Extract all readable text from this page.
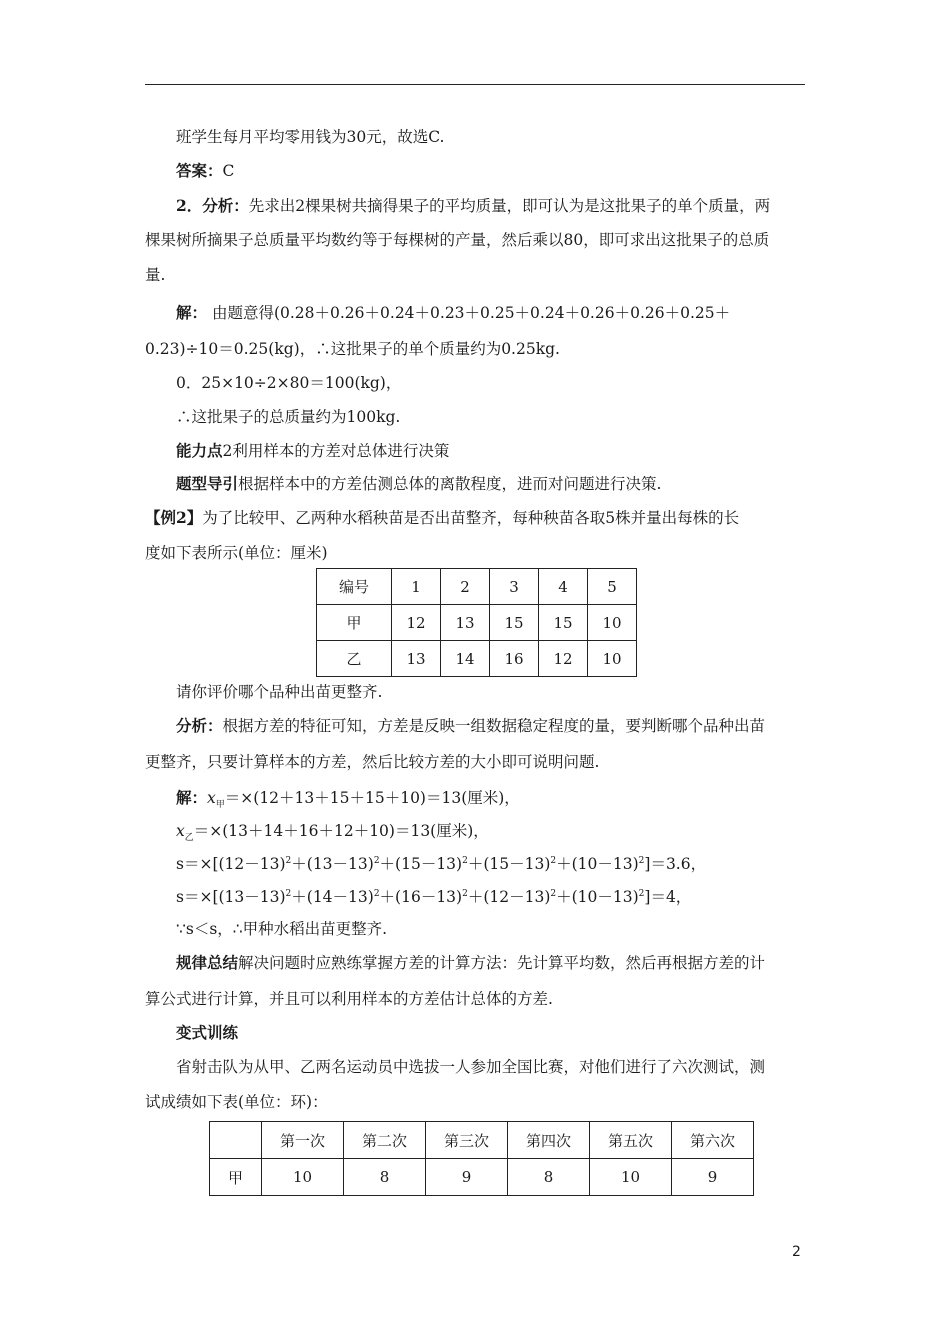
班学生每月平均零用钱为30元，故选C.
答案：C
2．分析：先求出2棵果树共摘得果子的平均质量，即可认为是这批果子的单个质量，两
棵果树所摘果子总质量平均数约等于每棵树的产量，然后乘以80，即可求出这批果子的总质
量.
解： 由题意得(0.28＋0.26＋0.24＋0.23＋0.25＋0.24＋0.26＋0.26＋0.25＋
0.23)÷10＝0.25(kg)，∴这批果子的单个质量约为0.25kg.
0．25×10÷2×80＝100(kg)，
∴这批果子的总质量约为100kg.
能力点2利用样本的方差对总体进行决策
题型导引根据样本中的方差估测总体的离散程度，进而对问题进行决策.
【例2】为了比较甲、乙两种水稻秧苗是否出苗整齐，每种秧苗各取5株并量出每株的长
度如下表所示(单位：厘米)
编号	1	2	3	4	5
甲	12	13	15	15	10
乙	13	14	16	12	10
请你评价哪个品种出苗更整齐.
分析：根据方差的特征可知，方差是反映一组数据稳定程度的量，要判断哪个品种出苗
更整齐，只要计算样本的方差，然后比较方差的大小即可说明问题.
解：$x_甲=\times(12+13+15+15+10)=13$(厘米)，
$x_乙=\times(13+14+16+12+10)=13$(厘米)，
$s=\times[(12-13)^2+(13-13)^2+(15-13)^2+(15-13)^2+(10-13)^2]=3.6$，
$s=\times[(13-13)^2+(14-13)^2+(16-13)^2+(12-13)^2+(10-13)^2]=4$，
∵s＜s，∴甲种水稻出苗更整齐.
规律总结解决问题时应熟练掌握方差的计算方法：先计算平均数，然后再根据方差的计
算公式进行计算，并且可以利用样本的方差估计总体的方差.
变式训练
省射击队为从甲、乙两名运动员中选拔一人参加全国比赛，对他们进行了六次测试，测
试成绩如下表(单位：环)：
	第一次	第二次	第三次	第四次	第五次	第六次
甲	10	8	9	8	10	9
2
